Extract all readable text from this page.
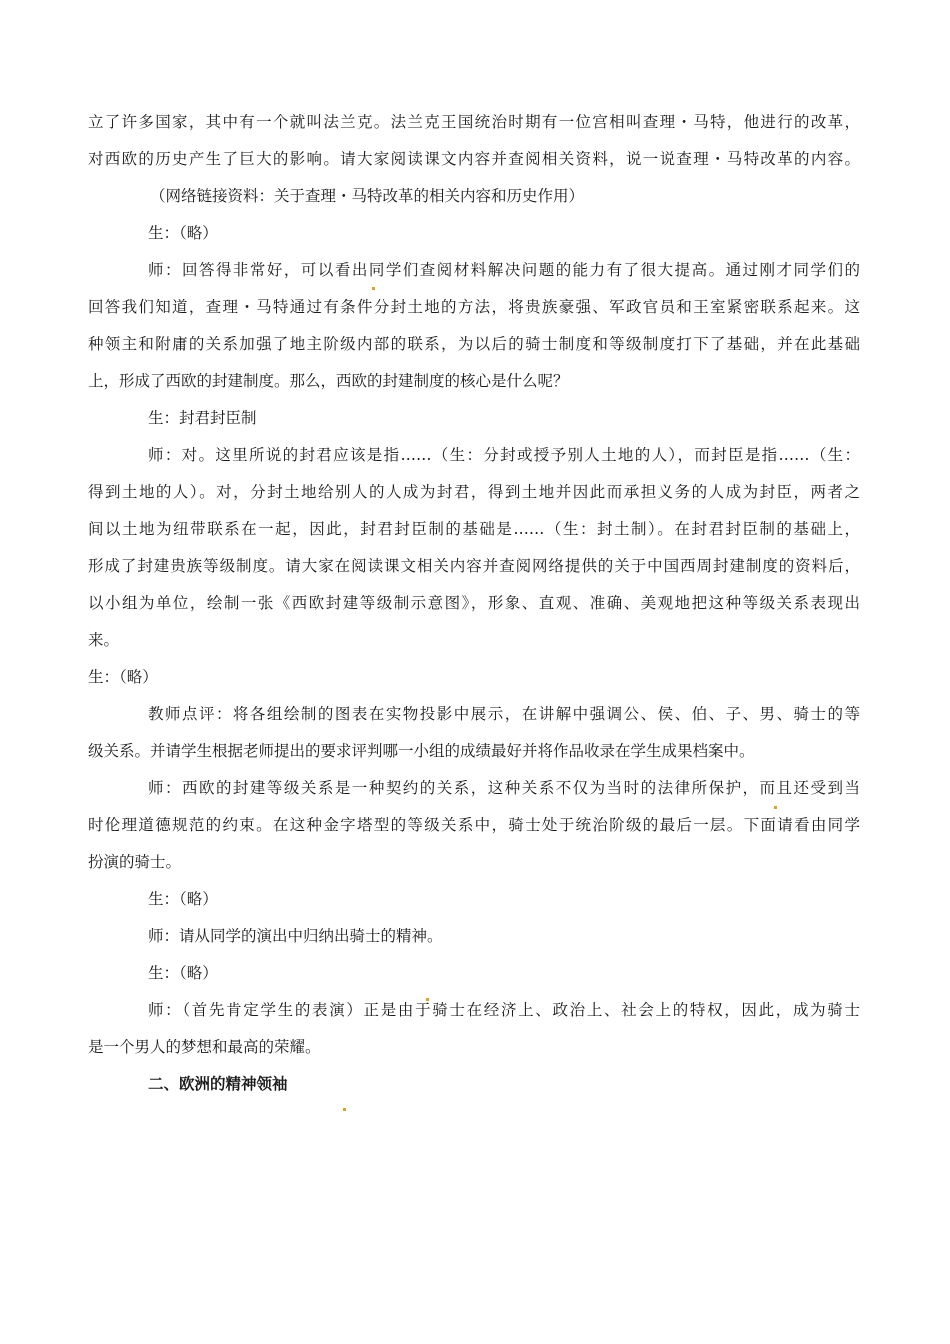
立了许多国家，其中有一个就叫法兰克。法兰克王国统治时期有一位宫相叫查理・马特，他进行的改革，

对西欧的历史产生了巨大的影响。请大家阅读课文内容并查阅相关资料，说一说查理・马特改革的内容。

（网络链接资料：关于查理・马特改革的相关内容和历史作用）

生：（略）

师：回答得非常好，可以看出同学们查阅材料解决问题的能力有了很大提高。通过刚才同学们的

回答我们知道，查理・马特通过有条件分封土地的方法，将贵族豪强、军政官员和王室紧密联系起来。这

种领主和附庸的关系加强了地主阶级内部的联系，为以后的骑士制度和等级制度打下了基础，并在此基础

上，形成了西欧的封建制度。那么，西欧的封建制度的核心是什么呢？

生：封君封臣制

师：对。这里所说的封君应该是指……（生：分封或授予别人土地的人），而封臣是指……（生：

得到土地的人）。对，分封土地给别人的人成为封君，得到土地并因此而承担义务的人成为封臣，两者之

间以土地为纽带联系在一起，因此，封君封臣制的基础是……（生：封土制）。在封君封臣制的基础上，

形成了封建贵族等级制度。请大家在阅读课文相关内容并查阅网络提供的关于中国西周封建制度的资料后，

以小组为单位，绘制一张《西欧封建等级制示意图》，形象、直观、准确、美观地把这种等级关系表现出

来。

生：（略）

教师点评：将各组绘制的图表在实物投影中展示，在讲解中强调公、侯、伯、子、男、骑士的等

级关系。并请学生根据老师提出的要求评判哪一小组的成绩最好并将作品收录在学生成果档案中。

师：西欧的封建等级关系是一种契约的关系，这种关系不仅为当时的法律所保护，而且还受到当

时伦理道德规范的约束。在这种金字塔型的等级关系中，骑士处于统治阶级的最后一层。下面请看由同学

扮演的骑士。

生：（略）

师：请从同学的演出中归纳出骑士的精神。

生：（略）

师：（首先肯定学生的表演）正是由于骑士在经济上、政治上、社会上的特权，因此，成为骑士

是一个男人的梦想和最高的荣耀。

二、欧洲的精神领袖
